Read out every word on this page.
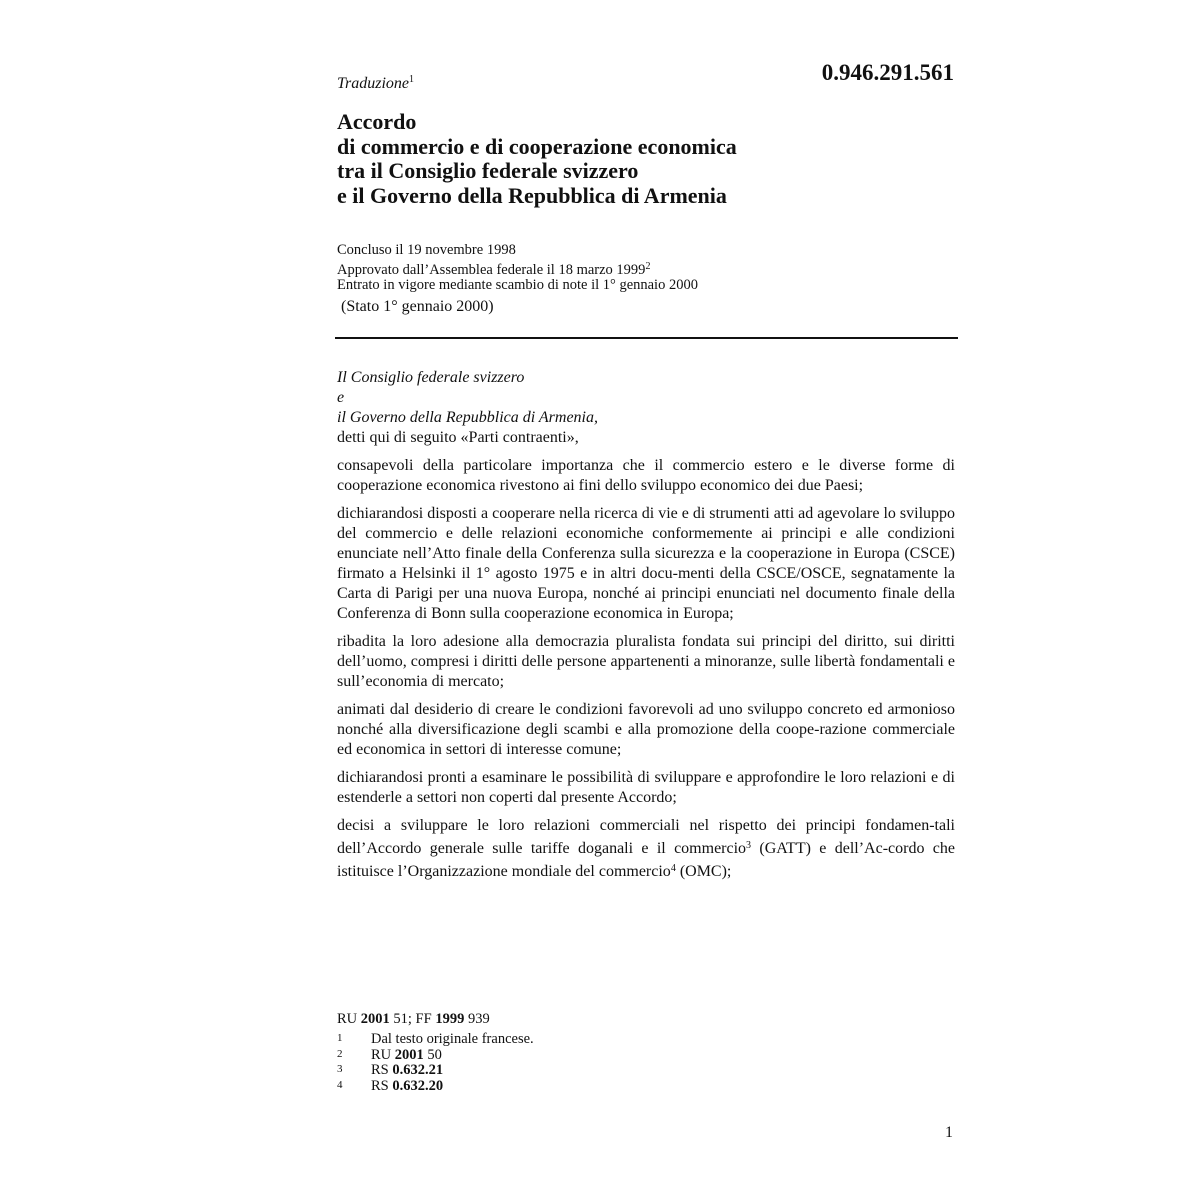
Traduzione$^1$	0.946.291.561
Accordo
di commercio e di cooperazione economica
tra il Consiglio federale svizzero
e il Governo della Repubblica di Armenia
Concluso il 19 novembre 1998
Approvato dall’Assemblea federale il 18 marzo 1999$^2$
Entrato in vigore mediante scambio di note il 1° gennaio 2000
(Stato 1° gennaio 2000)
Il Consiglio federale svizzero
e
il Governo della Repubblica di Armenia,
detti qui di seguito «Parti contraenti»,

consapevoli della particolare importanza che il commercio estero e le diverse forme di cooperazione economica rivestono ai fini dello sviluppo economico dei due Paesi;

dichiarandosi disposti a cooperare nella ricerca di vie e di strumenti atti ad agevolare lo sviluppo del commercio e delle relazioni economiche conformemente ai principi e alle condizioni enunciate nell’Atto finale della Conferenza sulla sicurezza e la cooperazione in Europa (CSCE) firmato a Helsinki il 1° agosto 1975 e in altri docu-menti della CSCE/OSCE, segnatamente la Carta di Parigi per una nuova Europa, nonché ai principi enunciati nel documento finale della Conferenza di Bonn sulla cooperazione economica in Europa;

ribadita la loro adesione alla democrazia pluralista fondata sui principi del diritto, sui diritti dell’uomo, compresi i diritti delle persone appartenenti a minoranze, sulle libertà fondamentali e sull’economia di mercato;

animati dal desiderio di creare le condizioni favorevoli ad uno sviluppo concreto ed armonioso nonché alla diversificazione degli scambi e alla promozione della coope-razione commerciale ed economica in settori di interesse comune;

dichiarandosi pronti a esaminare le possibilità di sviluppare e approfondire le loro relazioni e di estenderle a settori non coperti dal presente Accordo;

decisi a sviluppare le loro relazioni commerciali nel rispetto dei principi fondamen-tali dell’Accordo generale sulle tariffe doganali e il commercio$^3$ (GATT) e dell’Ac-cordo che istituisce l’Organizzazione mondiale del commercio$^4$ (OMC);

RU 2001 51; FF 1999 939
1	Dal testo originale francese.
2	RU 2001 50
3	RS 0.632.21
4	RS 0.632.20
1
